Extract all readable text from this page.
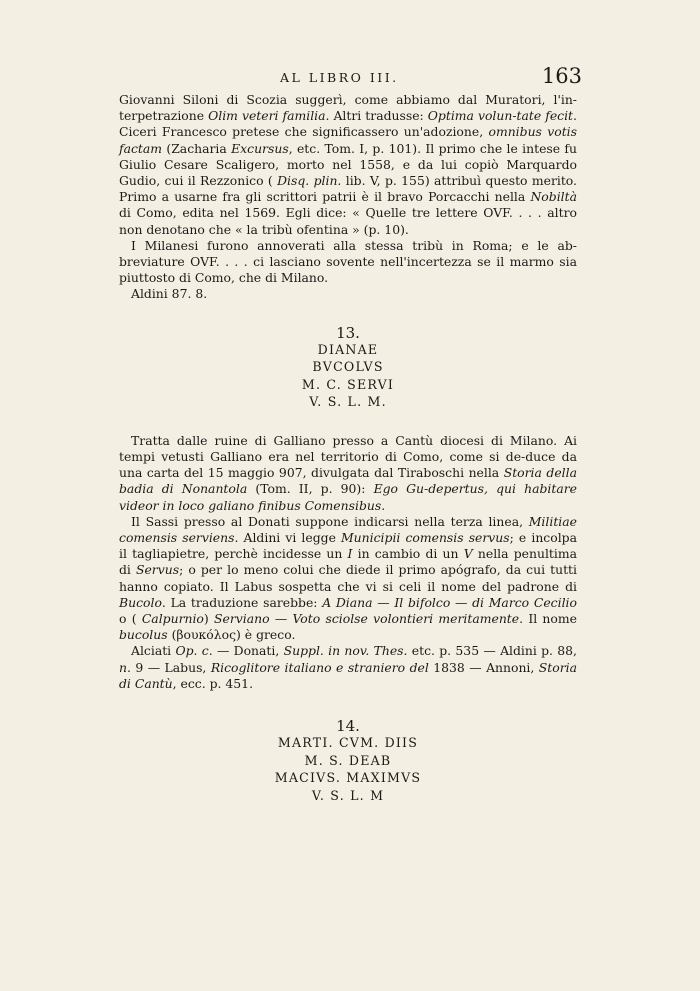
AL LIBRO III.	163

Giovanni Siloni di Scozia suggerì, come abbiamo dal Muratori, l'in-terpetrazione Olim veteri familia. Altri tradusse: Optima volun-tate fecit. Ciceri Francesco pretese che significassero un'adozione, omnibus votis factam (Zacharia Excursus, etc. Tom. I, p. 101). Il primo che le intese fu Giulio Cesare Scaligero, morto nel 1558, e da lui copiò Marquardo Gudio, cui il Rezzonico ( Disq. plin. lib. V, p. 155) attribuì questo merito. Primo a usarne fra gli scrittori patrii è il bravo Porcacchi nella Nobiltà di Como, edita nel 1569. Egli dice: « Quelle tre lettere OVF. . . . altro non denotano che « la tribù ofentina » (p. 10).

I Milanesi furono annoverati alla stessa tribù in Roma; e le ab-breviature OVF. . . . ci lasciano sovente nell'incertezza se il marmo sia piuttosto di Como, che di Milano.

Aldini 87. 8.

13.

DIANAE

BVCOLVS

M. C. SERVI

V. S. L. M.

Tratta dalle ruine di Galliano presso a Cantù diocesi di Milano. Ai tempi vetusti Galliano era nel territorio di Como, come si de-duce da una carta del 15 maggio 907, divulgata dal Tiraboschi nella Storia della badia di Nonantola (Tom. II, p. 90): Ego Gu-depertus, qui habitare videor in loco galiano finibus Comensibus.

Il Sassi presso al Donati suppone indicarsi nella terza linea, Militiae comensis serviens. Aldini vi legge Municipii comensis servus; e incolpa il tagliapietre, perchè incidesse un I in cambio di un V nella penultima di Servus; o per lo meno colui che diede il primo apógrafo, da cui tutti hanno copiato. Il Labus sospetta che vi si celi il nome del padrone di Bucolo. La traduzione sarebbe: A Diana — Il bifolco — di Marco Cecilio o ( Calpurnio) Serviano — Voto sciolse volontieri meritamente. Il nome bucolus (βουκόλος) è greco.

Alciati Op. c. — Donati, Suppl. in nov. Thes. etc. p. 535 — Aldini p. 88, n. 9 — Labus, Ricoglitore italiano e straniero del 1838 — Annoni, Storia di Cantù, ecc. p. 451.

14.

MARTI. CVM. DIIS

M. S. DEAB

MACIVS. MAXIMVS

V. S. L. M
